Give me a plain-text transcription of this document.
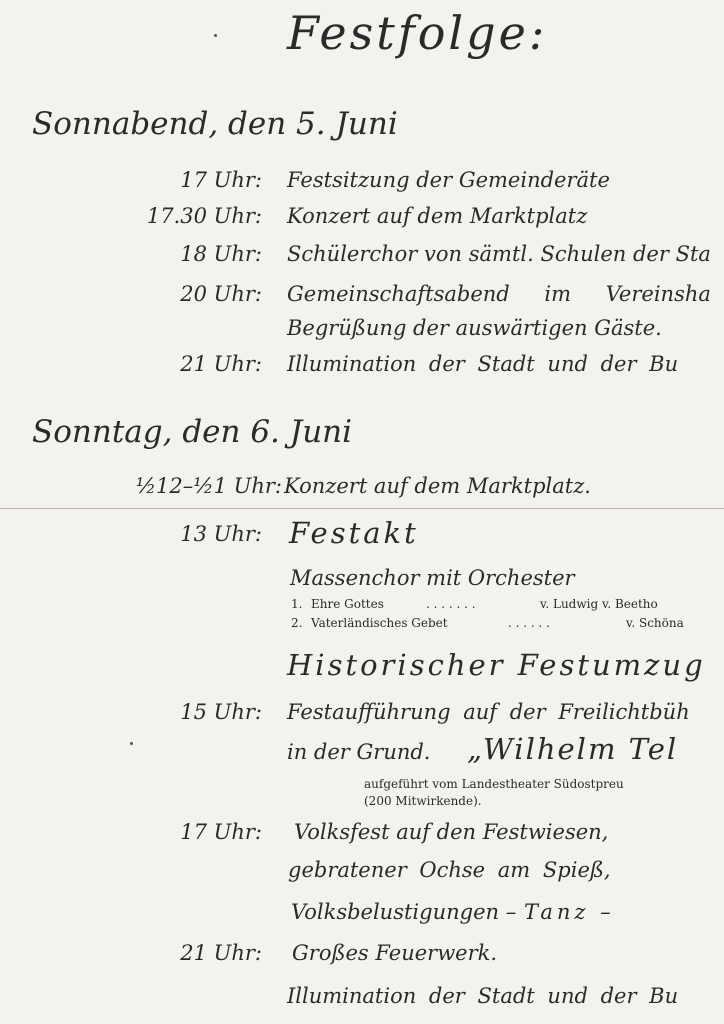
Festfolge:
Sonnabend, den 5. Juni
17 Uhr: Festsitzung der Gemeinderäte
17.30 Uhr: Konzert auf dem Marktplatz
18 Uhr: Schülerchor von sämtl. Schulen der Sta
20 Uhr: Gemeinschaftsabend im Vereinsha
Begrüßung der auswärtigen Gäste.
21 Uhr: Illumination der Stadt und der Bu
Sonntag, den 6. Juni
½12–½1 Uhr: Konzert auf dem Marktplatz.
13 Uhr: Festakt
Massenchor mit Orchester
1. Ehre Gottes	. . . . . . .	v. Ludwig v. Beetho
2. Vaterländisches Gebet	. . . . . .	v. Schöna
Historischer Festumzug
15 Uhr: Festaufführung auf der Freilichtbüh
in der Grund. „Wilhelm Tel
aufgeführt vom Landestheater Südostpreu
(200 Mitwirkende).
17 Uhr: Volksfest auf den Festwiesen,
gebratener Ochse am Spieß,
Volksbelustigungen – Tanz –
21 Uhr: Großes Feuerwerk.
Illumination der Stadt und der Bu
